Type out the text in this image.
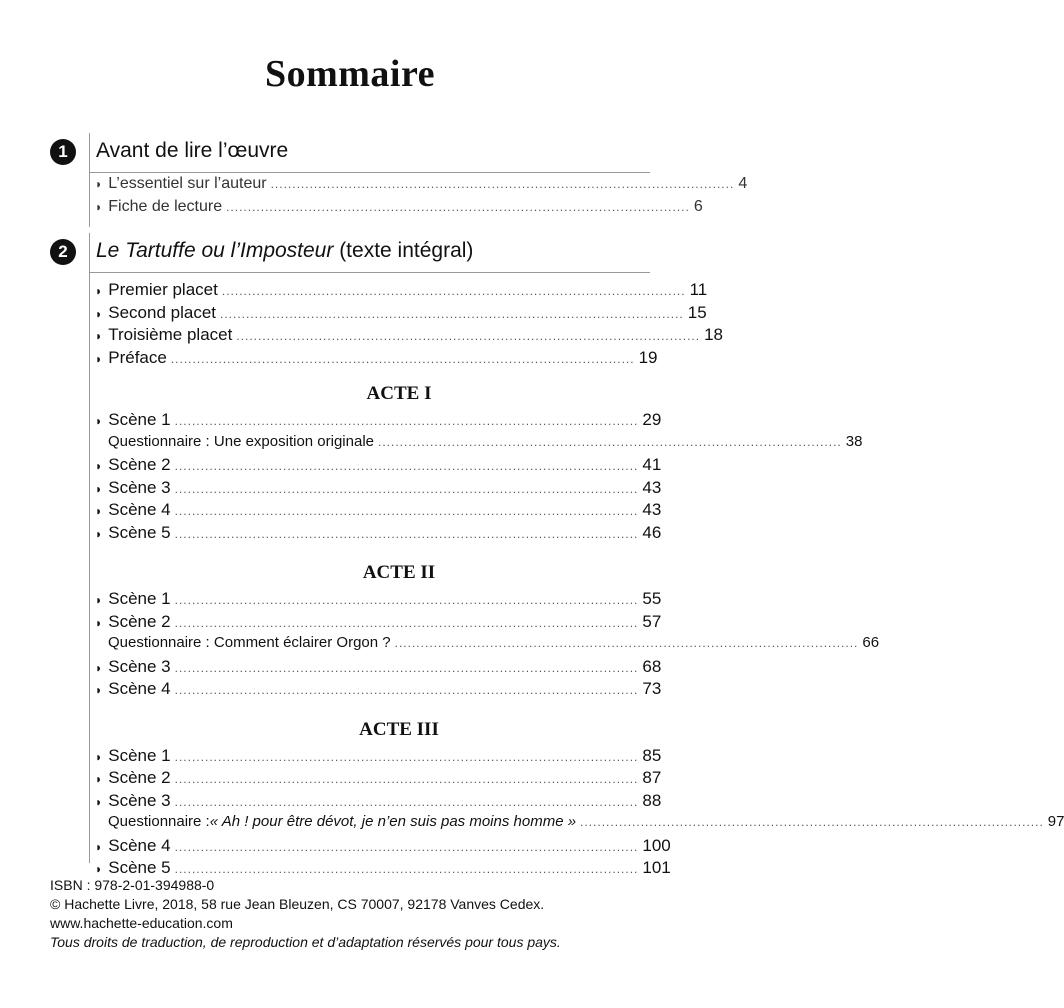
Sommaire
1	Avant de lire l’œuvre
◗ L’essentiel sur l’auteur ........................................................................................................... 4
◗ Fiche de lecture ........................................................................................................... 6
2	Le Tartuffe ou l’Imposteur (texte intégral)
◗ Premier placet ........................................................................................................... 11
◗ Second placet ........................................................................................................... 15
◗ Troisième placet ........................................................................................................... 18
◗ Préface ........................................................................................................... 19
ACTE I
◗ Scène 1 ........................................................................................................... 29
Questionnaire : Une exposition originale ........................................................................................................... 38
◗ Scène 2 ........................................................................................................... 41
◗ Scène 3 ........................................................................................................... 43
◗ Scène 4 ........................................................................................................... 43
◗ Scène 5 ........................................................................................................... 46
ACTE II
◗ Scène 1 ........................................................................................................... 55
◗ Scène 2 ........................................................................................................... 57
Questionnaire : Comment éclairer Orgon ? ........................................................................................................... 66
◗ Scène 3 ........................................................................................................... 68
◗ Scène 4 ........................................................................................................... 73
ACTE III
◗ Scène 1 ........................................................................................................... 85
◗ Scène 2 ........................................................................................................... 87
◗ Scène 3 ........................................................................................................... 88
Questionnaire : « Ah ! pour être dévot, je n’en suis pas moins homme » ........................................................................................................... 97
◗ Scène 4 ........................................................................................................... 100
◗ Scène 5 ........................................................................................................... 101
ISBN : 978-2-01-394988-0
© Hachette Livre, 2018, 58 rue Jean Bleuzen, CS 70007, 92178 Vanves Cedex.
www.hachette-education.com
Tous droits de traduction, de reproduction et d’adaptation réservés pour tous pays.
